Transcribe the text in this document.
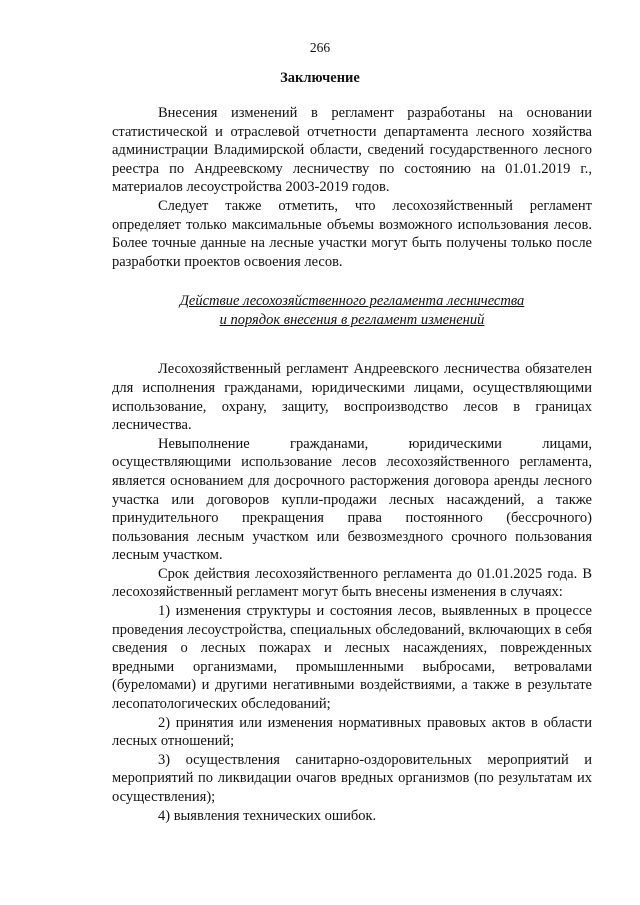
266
Заключение

Внесения изменений в регламент разработаны на основании статистической и отраслевой отчетности департамента лесного хозяйства администрации Владимирской области, сведений государственного лесного реестра по Андреевскому лесничеству по состоянию на 01.01.2019 г., материалов лесоустройства 2003-2019 годов.

Следует также отметить, что лесохозяйственный регламент определяет только максимальные объемы возможного использования лесов. Более точные данные на лесные участки могут быть получены только после разработки проектов освоения лесов.

Действие лесохозяйственного регламента лесничества
и порядок внесения в регламент изменений

Лесохозяйственный регламент Андреевского лесничества обязателен для исполнения гражданами, юридическими лицами, осуществляющими использование, охрану, защиту, воспроизводство лесов в границах лесничества.

Невыполнение гражданами, юридическими лицами, осуществляющими использование лесов лесохозяйственного регламента, является основанием для досрочного расторжения договора аренды лесного участка или договоров купли-продажи лесных насаждений, а также принудительного прекращения права постоянного (бессрочного) пользования лесным участком или безвозмездного срочного пользования лесным участком.

Срок действия лесохозяйственного регламента до 01.01.2025 года. В лесохозяйственный регламент могут быть внесены изменения в случаях:

1) изменения структуры и состояния лесов, выявленных в процессе проведения лесоустройства, специальных обследований, включающих в себя сведения о лесных пожарах и лесных насаждениях, поврежденных вредными организмами, промышленными выбросами, ветровалами (буреломами) и другими негативными воздействиями, а также в результате лесопатологических обследований;

2) принятия или изменения нормативных правовых актов в области лесных отношений;

3) осуществления санитарно-оздоровительных мероприятий и мероприятий по ликвидации очагов вредных организмов (по результатам их осуществления);

4) выявления технических ошибок.
